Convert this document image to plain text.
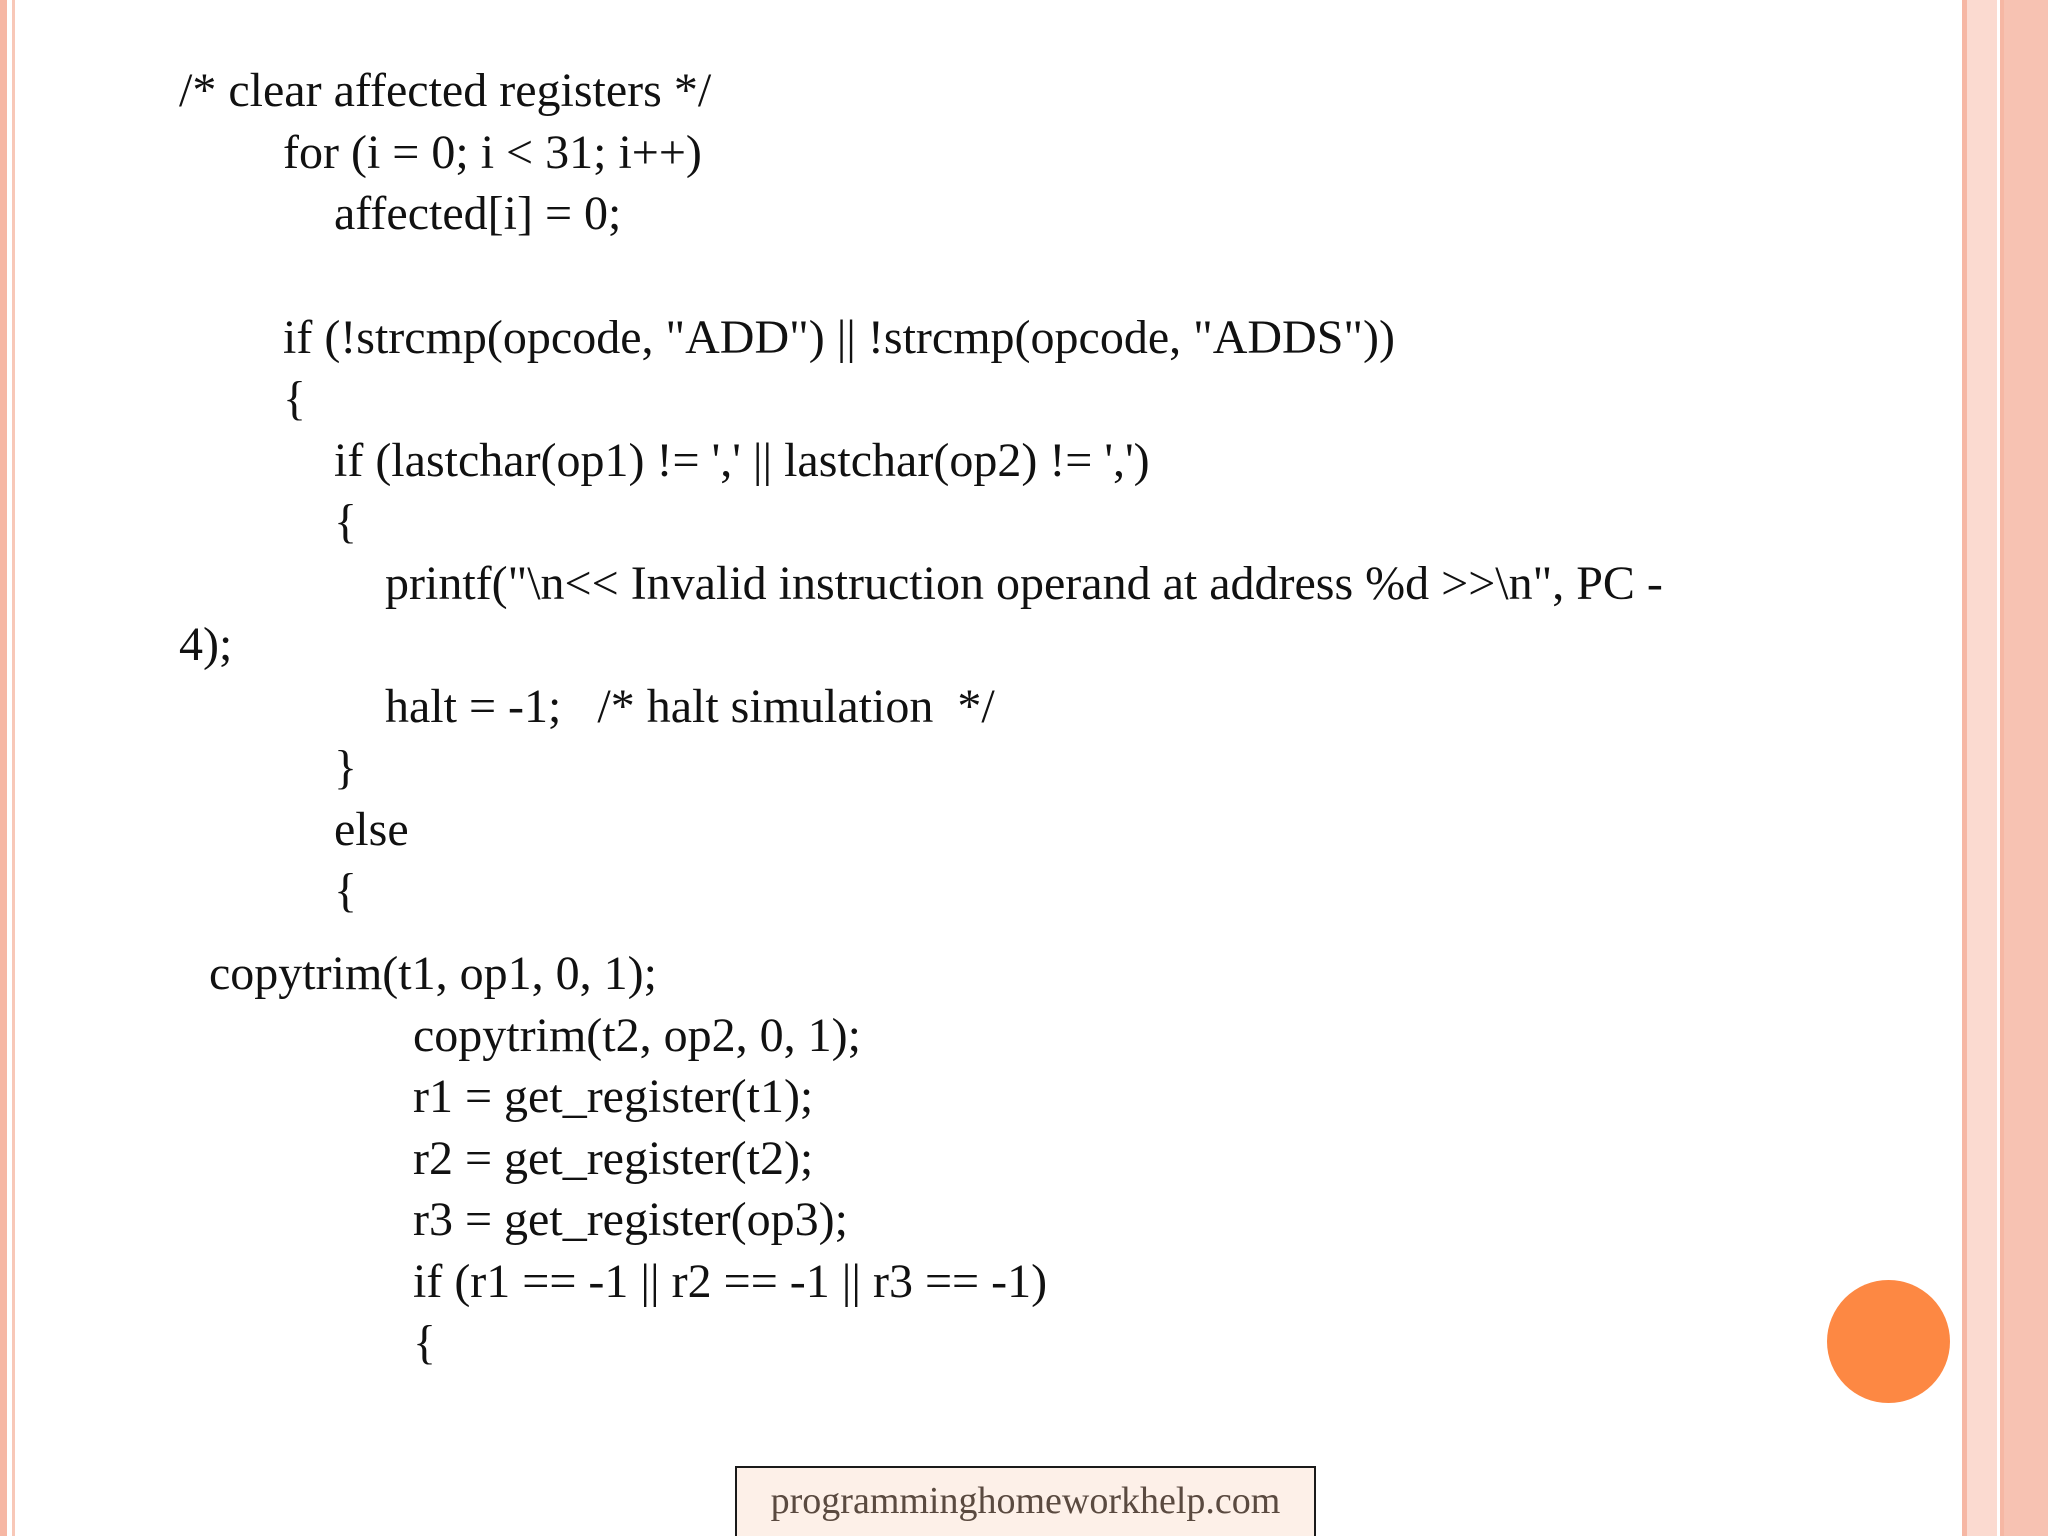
/* clear affected registers */
for (i = 0; i < 31; i++)
affected[i] = 0;
if (!strcmp(opcode, "ADD") || !strcmp(opcode, "ADDS"))
{
if (lastchar(op1) != ',' || lastchar(op2) != ',')
{
printf("\n<< Invalid instruction operand at address %d >>\n", PC -
4);
halt = -1;   /* halt simulation  */
}
else
{
copytrim(t1, op1, 0, 1);
copytrim(t2, op2, 0, 1);
r1 = get_register(t1);
r2 = get_register(t2);
r3 = get_register(op3);
if (r1 == -1 || r2 == -1 || r3 == -1)
{
programminghomeworkhelp.com
